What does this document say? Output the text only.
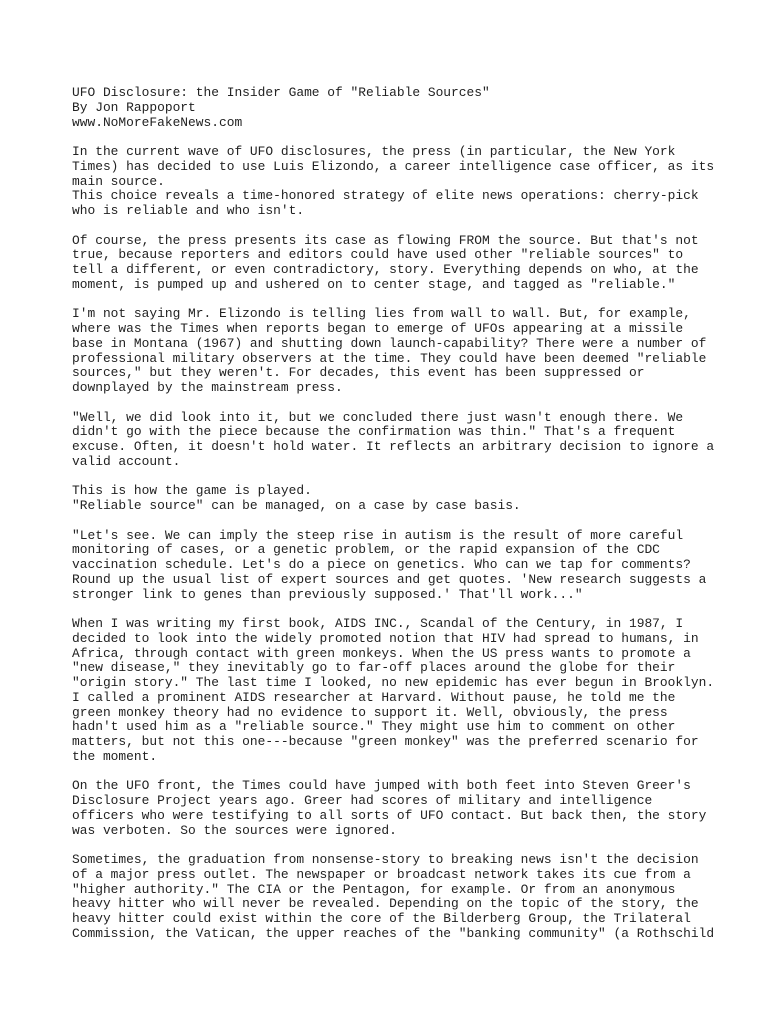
UFO Disclosure: the Insider Game of "Reliable Sources"
By Jon Rappoport
www.NoMoreFakeNews.com

In the current wave of UFO disclosures, the press (in particular, the New York
Times) has decided to use Luis Elizondo, a career intelligence case officer, as its
main source.
This choice reveals a time-honored strategy of elite news operations: cherry-pick
who is reliable and who isn't.

Of course, the press presents its case as flowing FROM the source. But that's not
true, because reporters and editors could have used other "reliable sources" to
tell a different, or even contradictory, story. Everything depends on who, at the
moment, is pumped up and ushered on to center stage, and tagged as "reliable."

I'm not saying Mr. Elizondo is telling lies from wall to wall. But, for example,
where was the Times when reports began to emerge of UFOs appearing at a missile
base in Montana (1967) and shutting down launch-capability? There were a number of
professional military observers at the time. They could have been deemed "reliable
sources," but they weren't. For decades, this event has been suppressed or
downplayed by the mainstream press.

"Well, we did look into it, but we concluded there just wasn't enough there. We
didn't go with the piece because the confirmation was thin." That's a frequent
excuse. Often, it doesn't hold water. It reflects an arbitrary decision to ignore a
valid account.

This is how the game is played.
"Reliable source" can be managed, on a case by case basis.

"Let's see. We can imply the steep rise in autism is the result of more careful
monitoring of cases, or a genetic problem, or the rapid expansion of the CDC
vaccination schedule. Let's do a piece on genetics. Who can we tap for comments?
Round up the usual list of expert sources and get quotes. 'New research suggests a
stronger link to genes than previously supposed.' That'll work..."

When I was writing my first book, AIDS INC., Scandal of the Century, in 1987, I
decided to look into the widely promoted notion that HIV had spread to humans, in
Africa, through contact with green monkeys. When the US press wants to promote a
"new disease," they inevitably go to far-off places around the globe for their
"origin story." The last time I looked, no new epidemic has ever begun in Brooklyn.
I called a prominent AIDS researcher at Harvard. Without pause, he told me the
green monkey theory had no evidence to support it. Well, obviously, the press
hadn't used him as a "reliable source." They might use him to comment on other
matters, but not this one---because "green monkey" was the preferred scenario for
the moment.

On the UFO front, the Times could have jumped with both feet into Steven Greer's
Disclosure Project years ago. Greer had scores of military and intelligence
officers who were testifying to all sorts of UFO contact. But back then, the story
was verboten. So the sources were ignored.

Sometimes, the graduation from nonsense-story to breaking news isn't the decision
of a major press outlet. The newspaper or broadcast network takes its cue from a
"higher authority." The CIA or the Pentagon, for example. Or from an anonymous
heavy hitter who will never be revealed. Depending on the topic of the story, the
heavy hitter could exist within the core of the Bilderberg Group, the Trilateral
Commission, the Vatican, the upper reaches of the "banking community" (a Rothschild
